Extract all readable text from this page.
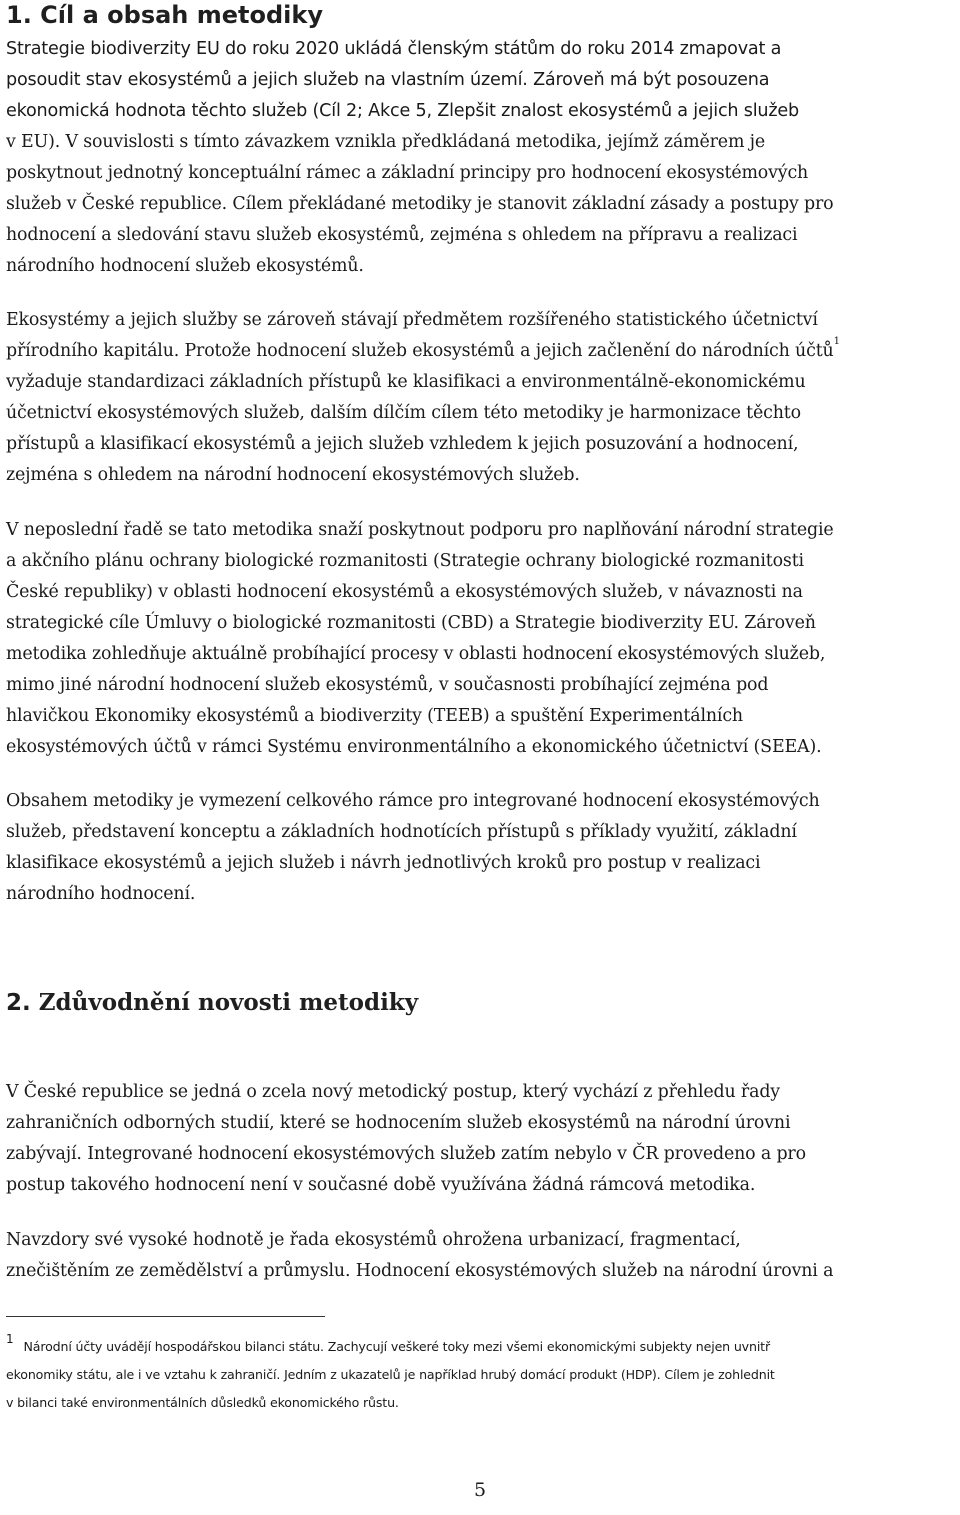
1. Cíl a obsah metodiky
Strategie biodiverzity EU do roku 2020 ukládá členským státům do roku 2014 zmapovat a
posoudit stav ekosystémů a jejich služeb na vlastním území. Zároveň má být posouzena
ekonomická hodnota těchto služeb (Cíl 2; Akce 5, Zlepšit znalost ekosystémů a jejich služeb
v EU). V souvislosti s tímto závazkem vznikla předkládaná metodika, jejímž záměrem je
poskytnout jednotný konceptuální rámec a základní principy pro hodnocení ekosystémových
služeb v České republice. Cílem překládané metodiky je stanovit základní zásady a postupy pro
hodnocení a sledování stavu služeb ekosystémů, zejména s ohledem na přípravu a realizaci
národního hodnocení služeb ekosystémů.
Ekosystémy a jejich služby se zároveň stávají předmětem rozšířeného statistického účetnictví
přírodního kapitálu. Protože hodnocení služeb ekosystémů a jejich začlenění do národních účtů$^1$
vyžaduje standardizaci základních přístupů ke klasifikaci a environmentálně-ekonomickému
účetnictví ekosystémových služeb, dalším dílčím cílem této metodiky je harmonizace těchto
přístupů a klasifikací ekosystémů a jejich služeb vzhledem k jejich posuzování a hodnocení,
zejména s ohledem na národní hodnocení ekosystémových služeb.
V neposlední řadě se tato metodika snaží poskytnout podporu pro naplňování národní strategie
a akčního plánu ochrany biologické rozmanitosti (Strategie ochrany biologické rozmanitosti
České republiky) v oblasti hodnocení ekosystémů a ekosystémových služeb, v návaznosti na
strategické cíle Úmluvy o biologické rozmanitosti (CBD) a Strategie biodiverzity EU. Zároveň
metodika zohledňuje aktuálně probíhající procesy v oblasti hodnocení ekosystémových služeb,
mimo jiné národní hodnocení služeb ekosystémů, v současnosti probíhající zejména pod
hlavičkou Ekonomiky ekosystémů a biodiverzity (TEEB) a spuštění Experimentálních
ekosystémových účtů v rámci Systému environmentálního a ekonomického účetnictví (SEEA).
Obsahem metodiky je vymezení celkového rámce pro integrované hodnocení ekosystémových
služeb, představení konceptu a základních hodnotících přístupů s příklady využití, základní
klasifikace ekosystémů a jejich služeb i návrh jednotlivých kroků pro postup v realizaci
národního hodnocení.
2. Zdůvodnění novosti metodiky
V České republice se jedná o zcela nový metodický postup, který vychází z přehledu řady
zahraničních odborných studií, které se hodnocením služeb ekosystémů na národní úrovni
zabývají. Integrované hodnocení ekosystémových služeb zatím nebylo v ČR provedeno a pro
postup takového hodnocení není v současné době využívána žádná rámcová metodika.
Navzdory své vysoké hodnotě je řada ekosystémů ohrožena urbanizací, fragmentací,
znečištěním ze zemědělství a průmyslu. Hodnocení ekosystémových služeb na národní úrovni a
1 Národní účty uvádějí hospodářskou bilanci státu. Zachycují veškeré toky mezi všemi ekonomickými subjekty nejen uvnitř
ekonomiky státu, ale i ve vztahu k zahraničí. Jedním z ukazatelů je například hrubý domácí produkt (HDP). Cílem je zohlednit
v bilanci také environmentálních důsledků ekonomického růstu.
5
